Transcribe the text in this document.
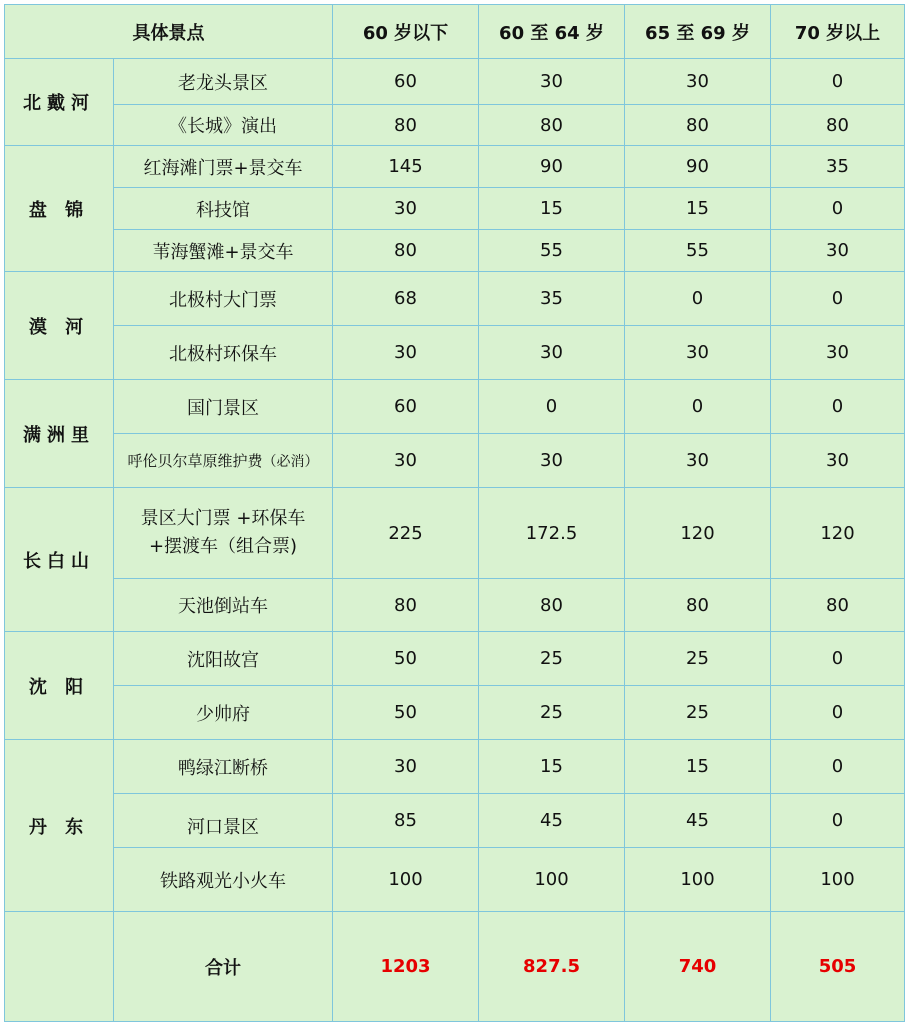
具体景点		60 岁以下	60 至 64 岁	65 至 69 岁	70 岁以上
北戴河	老龙头景区	60	30	30	0
	《长城》演出	80	80	80	80
盘 锦	红海滩门票+景交车	145	90	90	35
	科技馆	30	15	15	0
	苇海蟹滩+景交车	80	55	55	30
漠 河	北极村大门票	68	35	0	0
	北极村环保车	30	30	30	30
满洲里	国门景区	60	0	0	0
	呼伦贝尔草原维护费（必消）	30	30	30	30
长白山	景区大门票 +环保车
+摆渡车（组合票)	225	172.5	120	120
	天池倒站车	80	80	80	80
沈 阳	沈阳故宫	50	25	25	0
	少帅府	50	25	25	0
丹 东	鸭绿江断桥	30	15	15	0
	河口景区	85	45	45	0
	铁路观光小火车	100	100	100	100
	合计	1203	827.5	740	505
